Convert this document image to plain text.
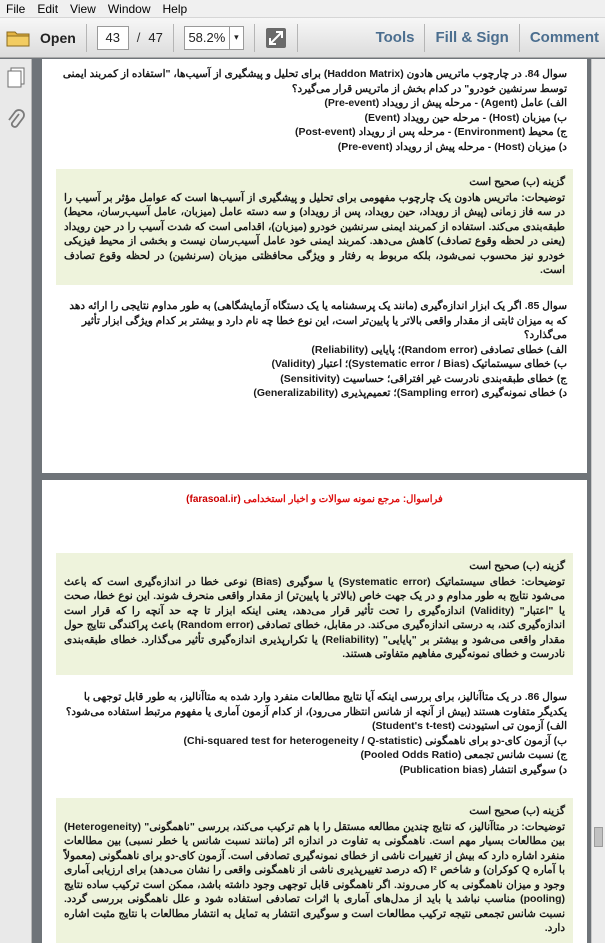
File	Edit	View	Window	Help
Open	43	/ 47	58.2% ▾	Tools Fill & Sign Comment

سوال 84. در چارچوب ماتریس هادون (Haddon Matrix) برای تحلیل و پیشگیری از آسیب‌ها، "استفاده از کمربند ایمنی توسط سرنشین خودرو" در کدام بخش از ماتریس قرار می‌گیرد؟

الف) عامل (Agent) - مرحله پیش از رویداد (Pre-event)

ب) میزبان (Host) - مرحله حین رویداد (Event)

ج) محیط (Environment) - مرحله پس از رویداد (Post-event)

د) میزبان (Host) - مرحله پیش از رویداد (Pre-event)

گزینه (ب) صحیح است

توضیحات: ماتریس هادون یک چارچوب مفهومی برای تحلیل و پیشگیری از آسیب‌ها است که عوامل مؤثر بر آسیب را در سه فاز زمانی (پیش از رویداد، حین رویداد، پس از رویداد) و سه دسته عامل (میزبان، عامل آسیب‌رسان، محیط) طبقه‌بندی می‌کند. استفاده از کمربند ایمنی سرنشین خودرو (میزبان)، اقدامی است که شدت آسیب را در حین رویداد (یعنی در لحظه وقوع تصادف) کاهش می‌دهد. کمربند ایمنی خود عامل آسیب‌رسان نیست و بخشی از محیط فیزیکی خودرو نیز محسوب نمی‌شود، بلکه مربوط به رفتار و ویژگی محافظتی میزبان (سرنشین) در لحظه وقوع تصادف است.

سوال 85. اگر یک ابزار اندازه‌گیری (مانند یک پرسشنامه یا یک دستگاه آزمایشگاهی) به طور مداوم نتایجی را ارائه دهد که به میزان ثابتی از مقدار واقعی بالاتر یا پایین‌تر است، این نوع خطا چه نام دارد و بیشتر بر کدام ویژگی ابزار تأثیر می‌گذارد؟

الف) خطای تصادفی (Random error)؛ پایایی (Reliability)

ب) خطای سیستماتیک (Systematic error / Bias)؛ اعتبار (Validity)

ج) خطای طبقه‌بندی نادرست غیر افتراقی؛ حساسیت (Sensitivity)

د) خطای نمونه‌گیری (Sampling error)؛ تعمیم‌پذیری (Generalizability)

فراسوال: مرجع نمونه سوالات و اخبار استخدامی (farasoal.ir)

گزینه (ب) صحیح است

توضیحات: خطای سیستماتیک (Systematic error) یا سوگیری (Bias) نوعی خطا در اندازه‌گیری است که باعث می‌شود نتایج به طور مداوم و در یک جهت خاص (بالاتر یا پایین‌تر) از مقدار واقعی منحرف شوند. این نوع خطا، صحت یا "اعتبار" (Validity) اندازه‌گیری را تحت تأثیر قرار می‌دهد، یعنی اینکه ابزار تا چه حد آنچه را که قرار است اندازه‌گیری کند، به درستی اندازه‌گیری می‌کند. در مقابل، خطای تصادفی (Random error) باعث پراکندگی نتایج حول مقدار واقعی می‌شود و بیشتر بر "پایایی" (Reliability) یا تکرارپذیری اندازه‌گیری تأثیر می‌گذارد. خطای طبقه‌بندی نادرست و خطای نمونه‌گیری مفاهیم متفاوتی هستند.

سوال 86. در یک متاآنالیز، برای بررسی اینکه آیا نتایج مطالعات منفرد وارد شده به متاآنالیز، به طور قابل توجهی با یکدیگر متفاوت هستند (بیش از آنچه از شانس انتظار می‌رود)، از کدام آزمون آماری یا مفهوم مرتبط استفاده می‌شود؟

الف) آزمون تی استیودنت (Student's t-test)

ب) آزمون کای-دو برای ناهمگونی (Chi-squared test for heterogeneity / Q-statistic)

ج) نسبت شانس تجمعی (Pooled Odds Ratio)

د) سوگیری انتشار (Publication bias)

گزینه (ب) صحیح است

توضیحات: در متاآنالیز، که نتایج چندین مطالعه مستقل را با هم ترکیب می‌کند، بررسی "ناهمگونی" (Heterogeneity) بین مطالعات بسیار مهم است. ناهمگونی به تفاوت در اندازه اثر (مانند نسبت شانس یا خطر نسبی) بین مطالعات منفرد اشاره دارد که بیش از تغییرات ناشی از خطای نمونه‌گیری تصادفی است. آزمون کای-دو برای ناهمگونی (معمولاً با آماره Q کوکران) و شاخص I² (که درصد تغییرپذیری ناشی از ناهمگونی واقعی را نشان می‌دهد) برای ارزیابی آماری وجود و میزان ناهمگونی به کار می‌روند. اگر ناهمگونی قابل توجهی وجود داشته باشد، ممکن است ترکیب ساده نتایج (pooling) مناسب نباشد یا باید از مدل‌های آماری با اثرات تصادفی استفاده شود و علل ناهمگونی بررسی گردد. نسبت شانس تجمعی نتیجه ترکیب مطالعات است و سوگیری انتشار به تمایل به انتشار مطالعات با نتایج مثبت اشاره دارد.
